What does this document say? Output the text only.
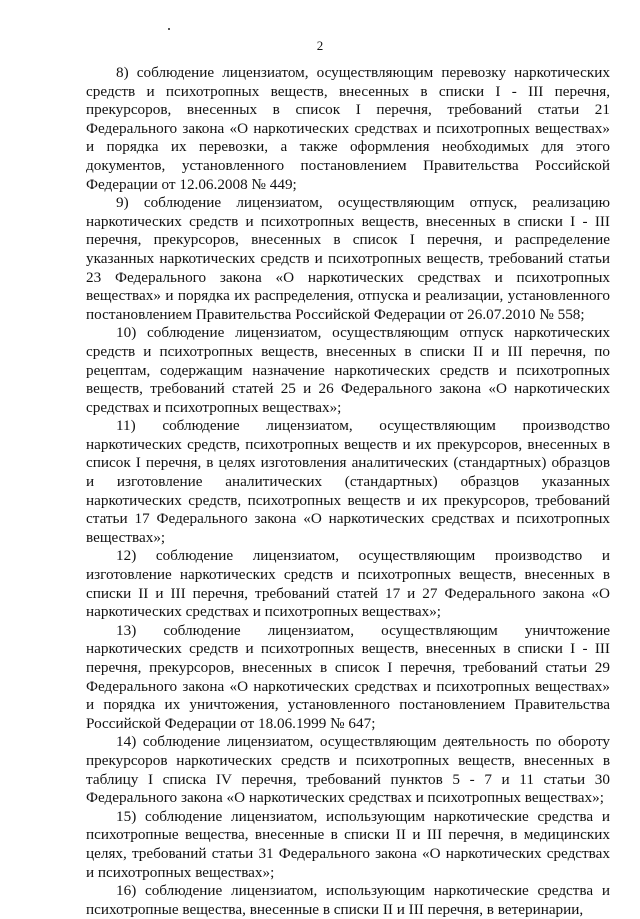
2

8) соблюдение лицензиатом, осуществляющим перевозку наркотических средств и психотропных веществ, внесенных в списки I - III перечня, прекурсоров, внесенных в список I перечня, требований статьи 21 Федерального закона «О наркотических средствах и психотропных веществах» и порядка их перевозки, а также оформления необходимых для этого документов, установленного постановлением Правительства Российской Федерации от 12.06.2008 № 449;

9) соблюдение лицензиатом, осуществляющим отпуск, реализацию наркотических средств и психотропных веществ, внесенных в списки I - III перечня, прекурсоров, внесенных в список I перечня, и распределение указанных наркотических средств и психотропных веществ, требований статьи 23 Федерального закона «О наркотических средствах и психотропных веществах» и порядка их распределения, отпуска и реализации, установленного постановлением Правительства Российской Федерации от 26.07.2010 № 558;

10) соблюдение лицензиатом, осуществляющим отпуск наркотических средств и психотропных веществ, внесенных в списки II и III перечня, по рецептам, содержащим назначение наркотических средств и психотропных веществ, требований статей 25 и 26 Федерального закона «О наркотических средствах и психотропных веществах»;

11) соблюдение лицензиатом, осуществляющим производство наркотических средств, психотропных веществ и их прекурсоров, внесенных в список I перечня, в целях изготовления аналитических (стандартных) образцов и изготовление аналитических (стандартных) образцов указанных наркотических средств, психотропных веществ и их прекурсоров, требований статьи 17 Федерального закона «О наркотических средствах и психотропных веществах»;

12) соблюдение лицензиатом, осуществляющим производство и изготовление наркотических средств и психотропных веществ, внесенных в списки II и III перечня, требований статей 17 и 27 Федерального закона «О наркотических средствах и психотропных веществах»;

13) соблюдение лицензиатом, осуществляющим уничтожение наркотических средств и психотропных веществ, внесенных в списки I - III перечня, прекурсоров, внесенных в список I перечня, требований статьи 29 Федерального закона «О наркотических средствах и психотропных веществах» и порядка их уничтожения, установленного постановлением Правительства Российской Федерации от 18.06.1999 № 647;

14) соблюдение лицензиатом, осуществляющим деятельность по обороту прекурсоров наркотических средств и психотропных веществ, внесенных в таблицу I списка IV перечня, требований пунктов 5 - 7 и 11 статьи 30 Федерального закона «О наркотических средствах и психотропных веществах»;

15) соблюдение лицензиатом, использующим наркотические средства и психотропные вещества, внесенные в списки II и III перечня, в медицинских целях, требований статьи 31 Федерального закона «О наркотических средствах и психотропных веществах»;

16) соблюдение лицензиатом, использующим наркотические средства и психотропные вещества, внесенные в списки II и III перечня, в ветеринарии,
